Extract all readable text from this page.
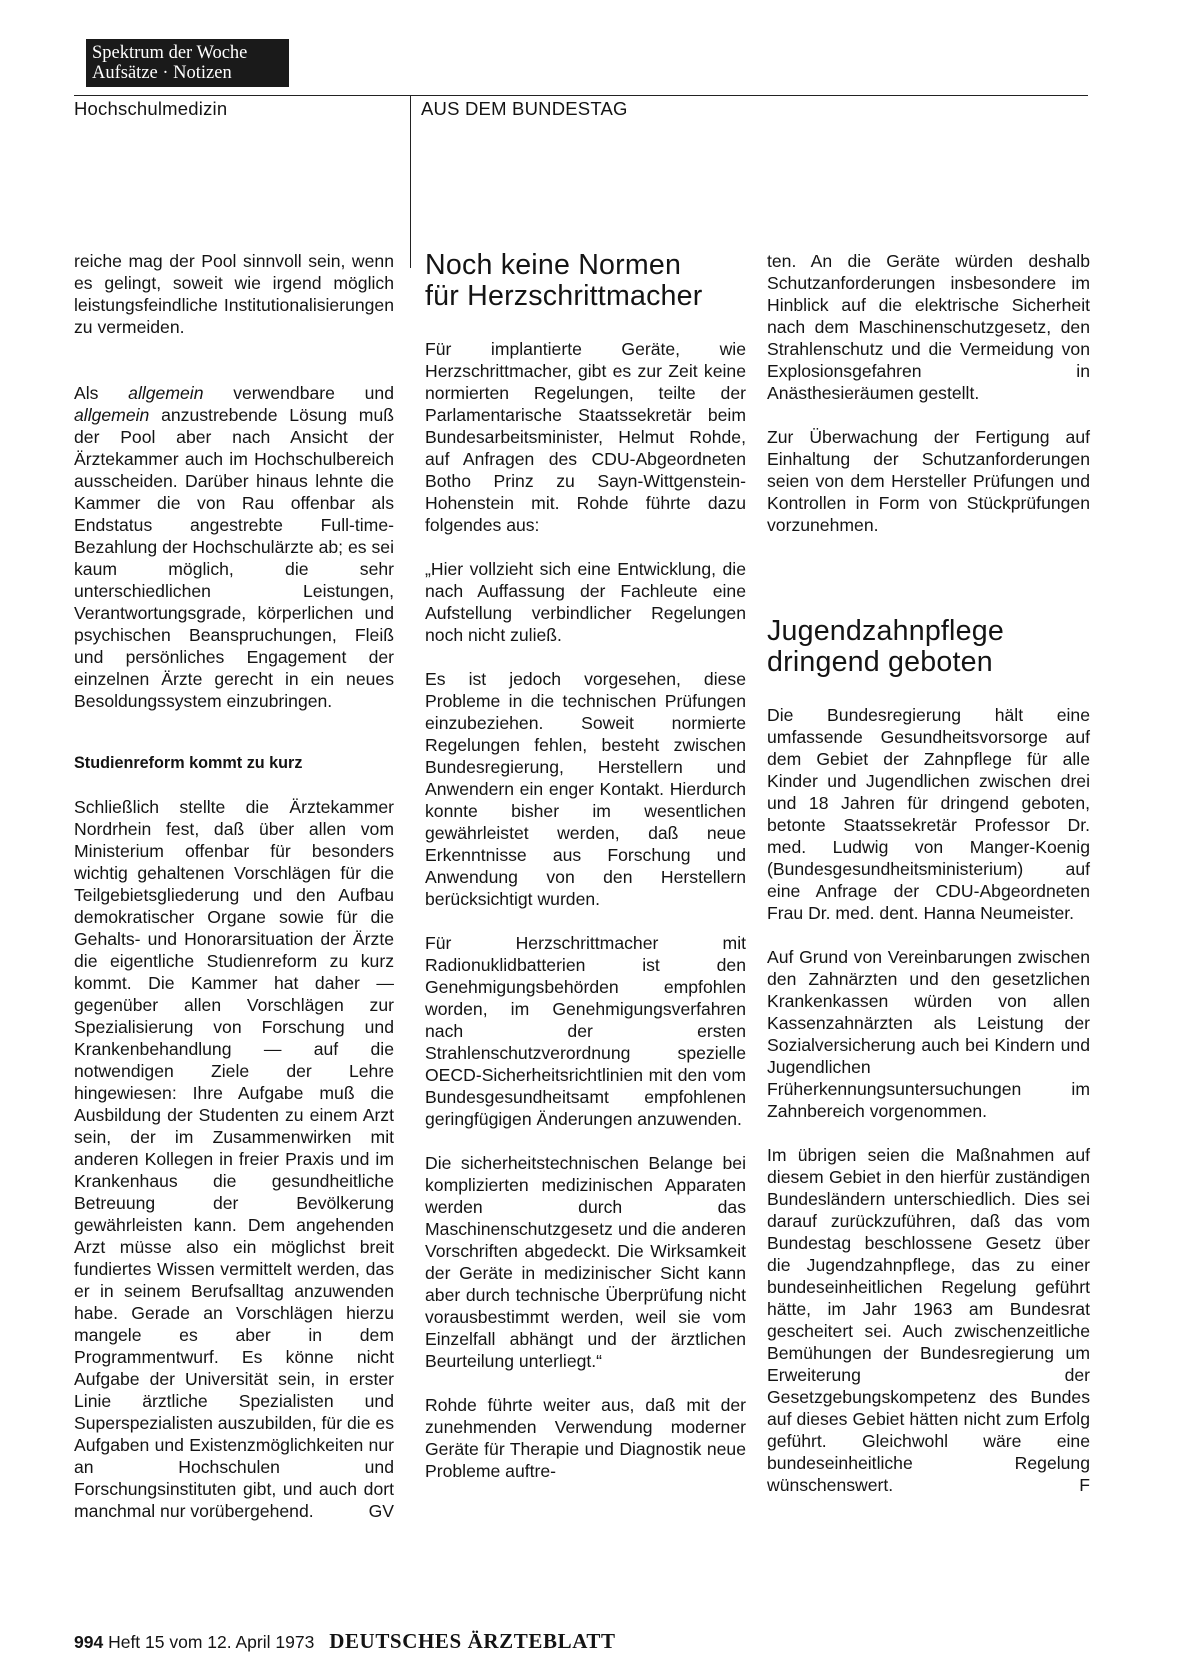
Spektrum der Woche
Aufsätze · Notizen
Hochschulmedizin	AUS DEM BUNDESTAG

reiche mag der Pool sinnvoll sein, wenn es gelingt, soweit wie irgend möglich leistungsfeindliche Institutionalisierungen zu vermeiden.

Als allgemein verwendbare und allgemein anzustrebende Lösung muß der Pool aber nach Ansicht der Ärztekammer auch im Hochschulbereich ausscheiden. Darüber hinaus lehnte die Kammer die von Rau offenbar als Endstatus angestrebte Full-time-Bezahlung der Hochschulärzte ab; es sei kaum möglich, die sehr unterschiedlichen Leistungen, Verantwortungsgrade, körperlichen und psychischen Beanspruchungen, Fleiß und persönliches Engagement der einzelnen Ärzte gerecht in ein neues Besoldungssystem einzubringen.

Studienreform kommt zu kurz

Schließlich stellte die Ärztekammer Nordrhein fest, daß über allen vom Ministerium offenbar für besonders wichtig gehaltenen Vorschlägen für die Teilgebietsgliederung und den Aufbau demokratischer Organe sowie für die Gehalts- und Honorarsituation der Ärzte die eigentliche Studienreform zu kurz kommt. Die Kammer hat daher — gegenüber allen Vorschlägen zur Spezialisierung von Forschung und Krankenbehandlung — auf die notwendigen Ziele der Lehre hingewiesen: Ihre Aufgabe muß die Ausbildung der Studenten zu einem Arzt sein, der im Zusammenwirken mit anderen Kollegen in freier Praxis und im Krankenhaus die gesundheitliche Betreuung der Bevölkerung gewährleisten kann. Dem angehenden Arzt müsse also ein möglichst breit fundiertes Wissen vermittelt werden, das er in seinem Berufsalltag anzuwenden habe. Gerade an Vorschlägen hierzu mangele es aber in dem Programmentwurf. Es könne nicht Aufgabe der Universität sein, in erster Linie ärztliche Spezialisten und Superspezialisten auszubilden, für die es Aufgaben und Existenzmöglichkeiten nur an Hochschulen und Forschungsinstituten gibt, und auch dort manchmal nur vorübergehend.	GV

Noch keine Normen
für Herzschrittmacher

Für implantierte Geräte, wie Herzschrittmacher, gibt es zur Zeit keine normierten Regelungen, teilte der Parlamentarische Staatssekretär beim Bundesarbeitsminister, Helmut Rohde, auf Anfragen des CDU-Abgeordneten Botho Prinz zu Sayn-Wittgenstein-Hohenstein mit. Rohde führte dazu folgendes aus:

„Hier vollzieht sich eine Entwicklung, die nach Auffassung der Fachleute eine Aufstellung verbindlicher Regelungen noch nicht zuließ.

Es ist jedoch vorgesehen, diese Probleme in die technischen Prüfungen einzubeziehen. Soweit normierte Regelungen fehlen, besteht zwischen Bundesregierung, Herstellern und Anwendern ein enger Kontakt. Hierdurch konnte bisher im wesentlichen gewährleistet werden, daß neue Erkenntnisse aus Forschung und Anwendung von den Herstellern berücksichtigt wurden.

Für Herzschrittmacher mit Radionuklidbatterien ist den Genehmigungsbehörden empfohlen worden, im Genehmigungsverfahren nach der ersten Strahlenschutzverordnung spezielle OECD-Sicherheitsrichtlinien mit den vom Bundesgesundheitsamt empfohlenen geringfügigen Änderungen anzuwenden.

Die sicherheitstechnischen Belange bei komplizierten medizinischen Apparaten werden durch das Maschinenschutzgesetz und die anderen Vorschriften abgedeckt. Die Wirksamkeit der Geräte in medizinischer Sicht kann aber durch technische Überprüfung nicht vorausbestimmt werden, weil sie vom Einzelfall abhängt und der ärztlichen Beurteilung unterliegt.“

Rohde führte weiter aus, daß mit der zunehmenden Verwendung moderner Geräte für Therapie und Diagnostik neue Probleme auftre-

ten. An die Geräte würden deshalb Schutzanforderungen insbesondere im Hinblick auf die elektrische Sicherheit nach dem Maschinenschutzgesetz, den Strahlenschutz und die Vermeidung von Explosionsgefahren in Anästhesieräumen gestellt.

Zur Überwachung der Fertigung auf Einhaltung der Schutzanforderungen seien von dem Hersteller Prüfungen und Kontrollen in Form von Stückprüfungen vorzunehmen.

Jugendzahnpflege
dringend geboten

Die Bundesregierung hält eine umfassende Gesundheitsvorsorge auf dem Gebiet der Zahnpflege für alle Kinder und Jugendlichen zwischen drei und 18 Jahren für dringend geboten, betonte Staatssekretär Professor Dr. med. Ludwig von Manger-Koenig (Bundesgesundheitsministerium) auf eine Anfrage der CDU-Abgeordneten Frau Dr. med. dent. Hanna Neumeister.

Auf Grund von Vereinbarungen zwischen den Zahnärzten und den gesetzlichen Krankenkassen würden von allen Kassenzahnärzten als Leistung der Sozialversicherung auch bei Kindern und Jugendlichen Früherkennungsuntersuchungen im Zahnbereich vorgenommen.

Im übrigen seien die Maßnahmen auf diesem Gebiet in den hierfür zuständigen Bundesländern unterschiedlich. Dies sei darauf zurückzuführen, daß das vom Bundestag beschlossene Gesetz über die Jugendzahnpflege, das zu einer bundeseinheitlichen Regelung geführt hätte, im Jahr 1963 am Bundesrat gescheitert sei. Auch zwischenzeitliche Bemühungen der Bundesregierung um Erweiterung der Gesetzgebungskompetenz des Bundes auf dieses Gebiet hätten nicht zum Erfolg geführt. Gleichwohl wäre eine bundeseinheitliche Regelung wünschenswert.	F

994 Heft 15 vom 12. April 1973 DEUTSCHES ÄRZTEBLATT
